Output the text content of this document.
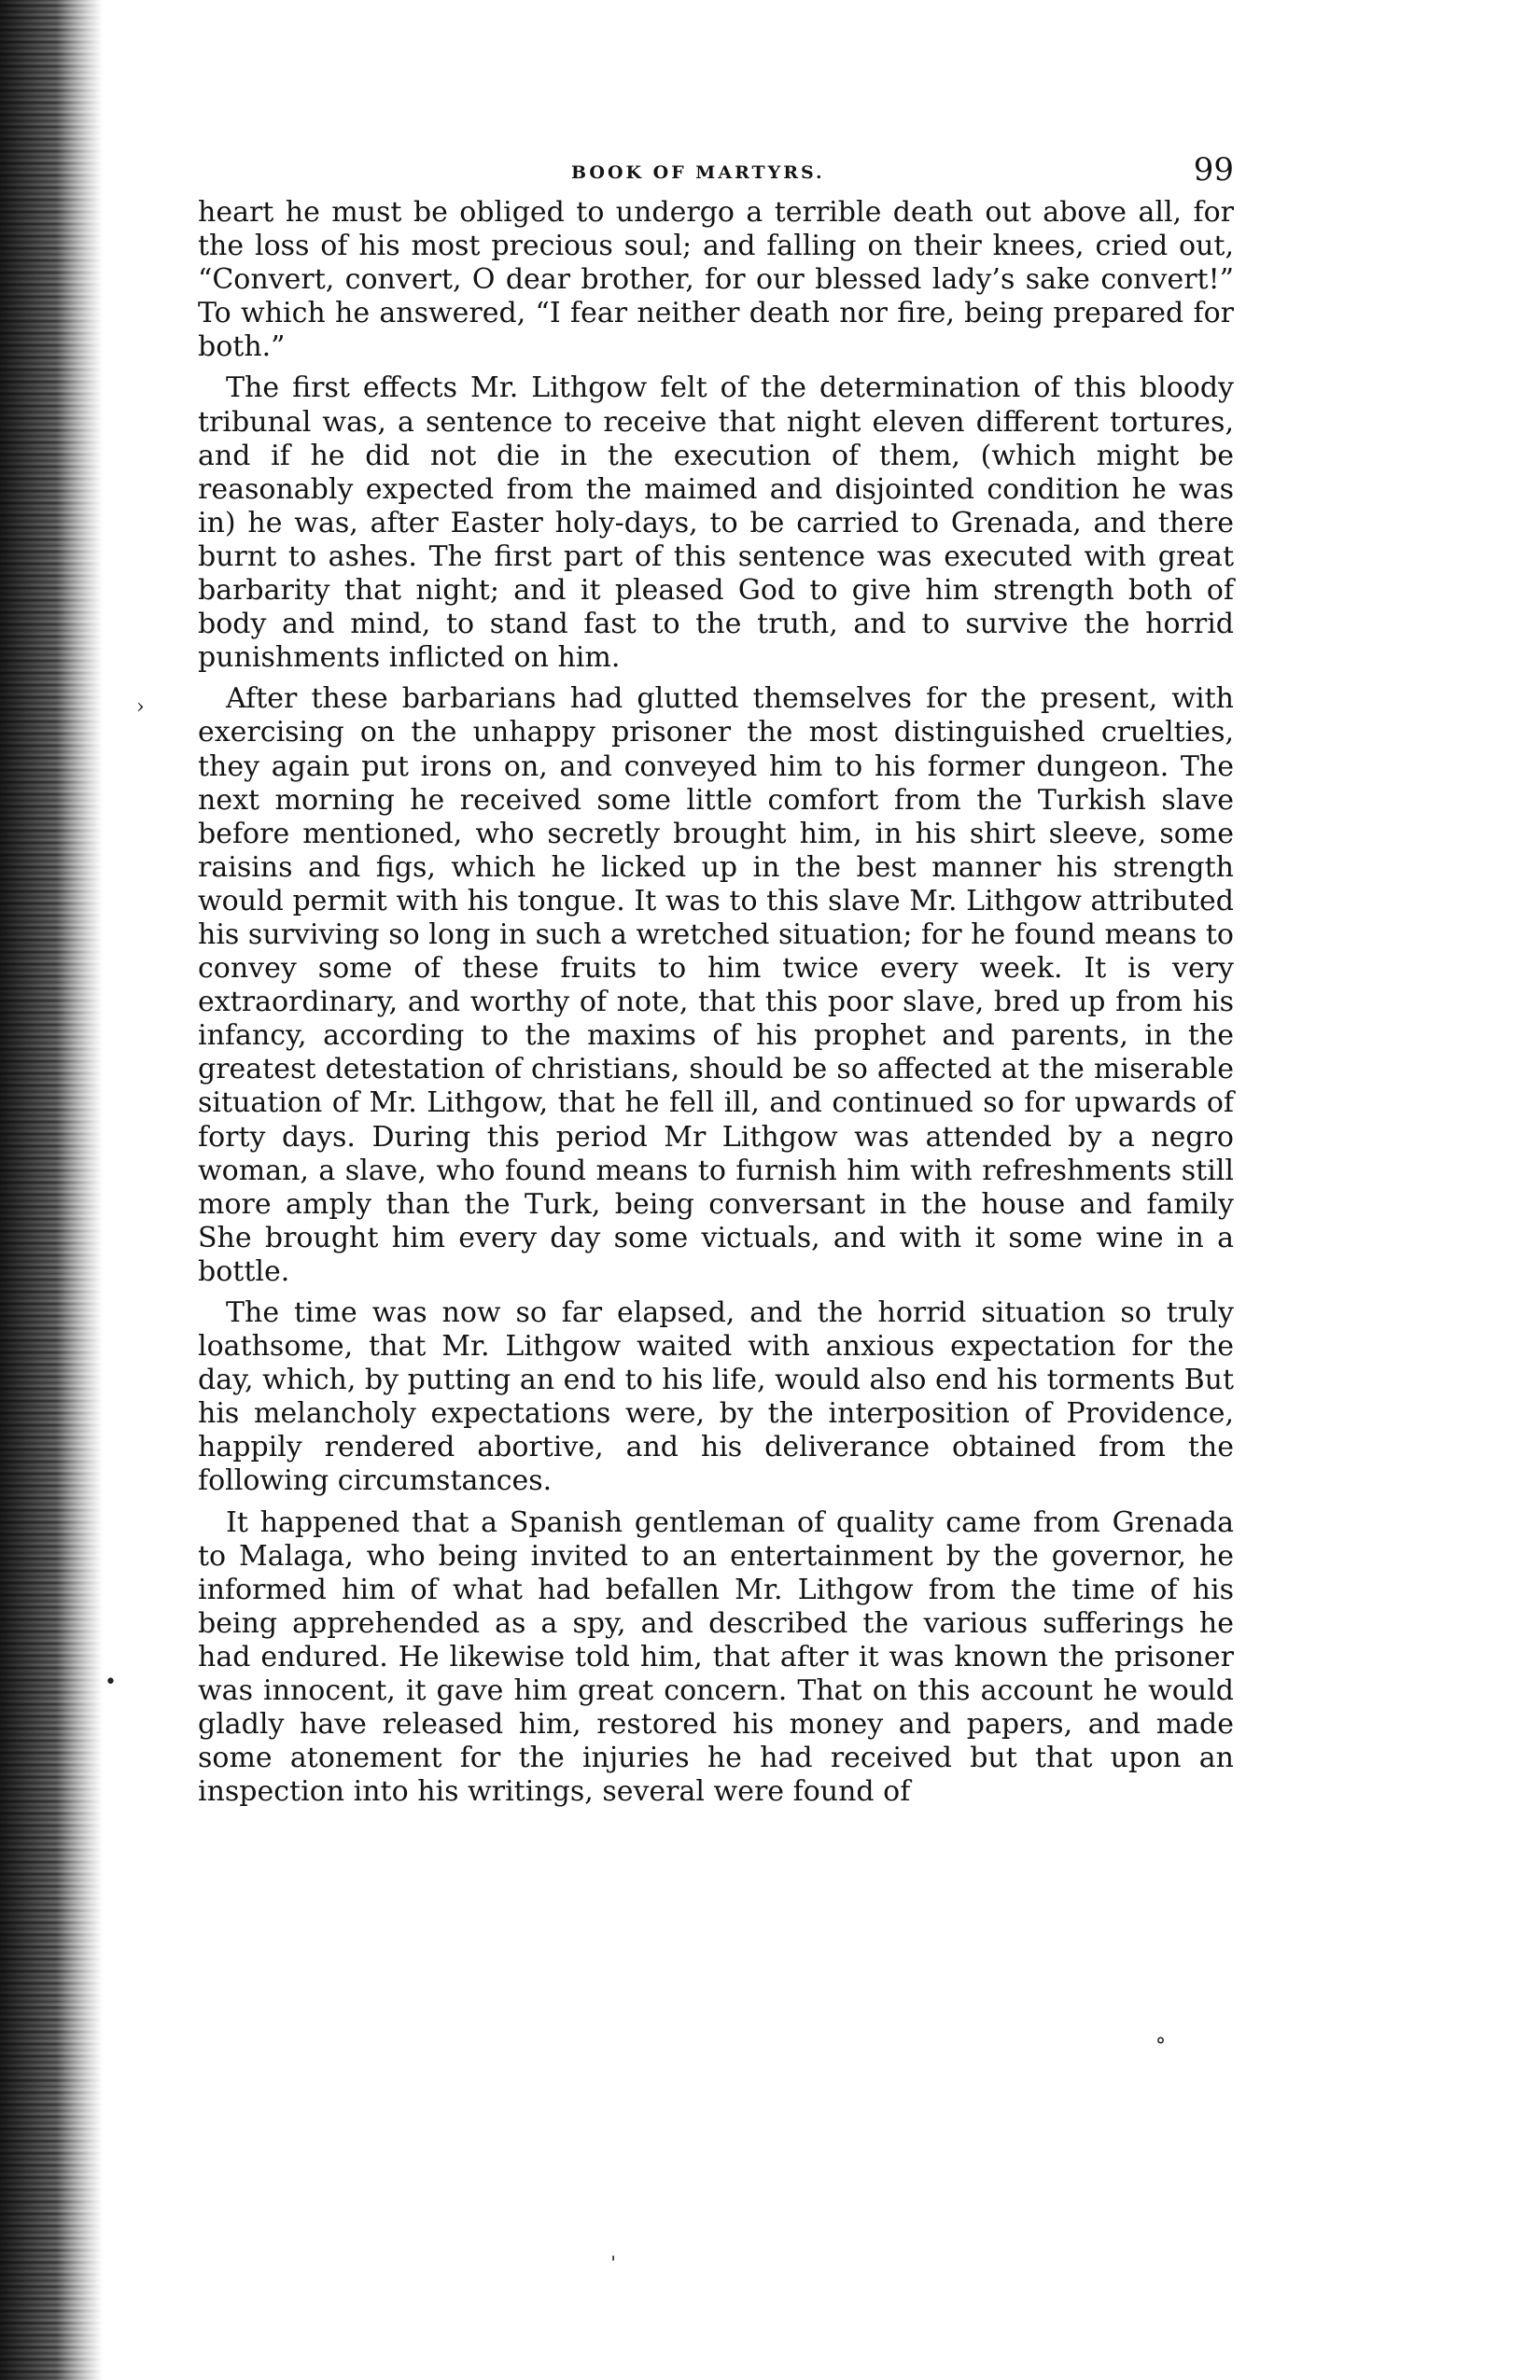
BOOK OF MARTYRS.	99

heart he must be obliged to undergo a terrible death out above all, for the loss of his most precious soul; and falling on their knees, cried out, “Convert, convert, O dear brother, for our blessed lady’s sake convert!” To which he answered, “I fear neither death nor fire, being prepared for both.”

The first effects Mr. Lithgow felt of the determination of this bloody tribunal was, a sentence to receive that night eleven different tortures, and if he did not die in the execution of them, (which might be reasonably expected from the maimed and disjointed condition he was in) he was, after Easter holy-days, to be carried to Grenada, and there burnt to ashes. The first part of this sentence was executed with great barbarity that night; and it pleased God to give him strength both of body and mind, to stand fast to the truth, and to survive the horrid punishments inflicted on him.

After these barbarians had glutted themselves for the present, with exercising on the unhappy prisoner the most distinguished cruelties, they again put irons on, and conveyed him to his former dungeon. The next morning he received some little comfort from the Turkish slave before mentioned, who secretly brought him, in his shirt sleeve, some raisins and figs, which he licked up in the best manner his strength would permit with his tongue. It was to this slave Mr. Lithgow attributed his surviving so long in such a wretched situation; for he found means to convey some of these fruits to him twice every week. It is very extraordinary, and worthy of note, that this poor slave, bred up from his infancy, according to the maxims of his prophet and parents, in the greatest detestation of christians, should be so affected at the miserable situation of Mr. Lithgow, that he fell ill, and continued so for upwards of forty days. During this period Mr Lithgow was attended by a negro woman, a slave, who found means to furnish him with refreshments still more amply than the Turk, being conversant in the house and family She brought him every day some victuals, and with it some wine in a bottle.

The time was now so far elapsed, and the horrid situation so truly loathsome, that Mr. Lithgow waited with anxious expectation for the day, which, by putting an end to his life, would also end his torments But his melancholy expectations were, by the interposition of Providence, happily rendered abortive, and his deliverance obtained from the following circumstances.

It happened that a Spanish gentleman of quality came from Grenada to Malaga, who being invited to an entertainment by the governor, he informed him of what had befallen Mr. Lithgow from the time of his being apprehended as a spy, and described the various sufferings he had endured. He likewise told him, that after it was known the prisoner was innocent, it gave him great concern. That on this account he would gladly have released him, restored his money and papers, and made some atonement for the injuries he had received but that upon an inspection into his writings, several were found of

›
•
°
ˌ
